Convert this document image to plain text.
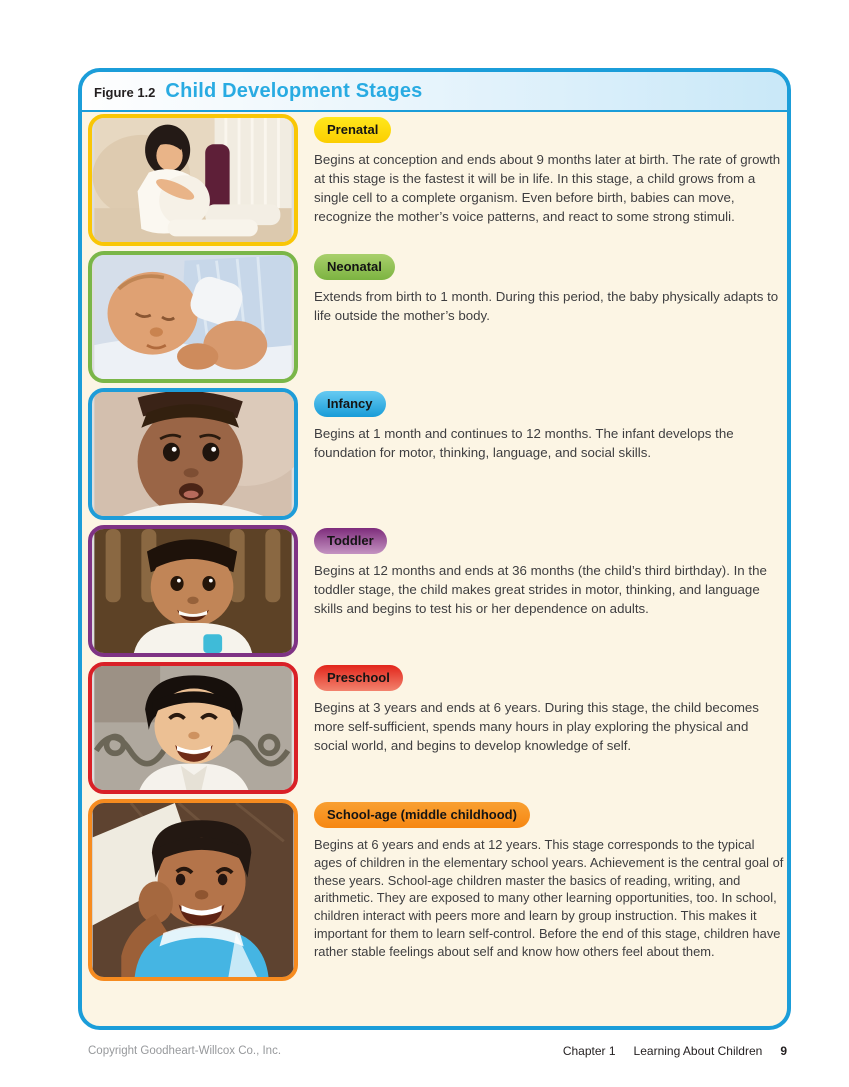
Figure 1.2 Child Development Stages
Prenatal

Begins at conception and ends about 9 months later at birth. The rate of growth at this stage is the fastest it will be in life. In this stage, a child grows from a single cell to a complete organism. Even before birth, babies can move, recognize the mother’s voice patterns, and react to some strong stimuli.

Neonatal

Extends from birth to 1 month. During this period, the baby physically adapts to life outside the mother’s body.

Infancy

Begins at 1 month and continues to 12 months. The infant develops the foundation for motor, thinking, language, and social skills.

Toddler

Begins at 12 months and ends at 36 months (the child’s third birthday). In the toddler stage, the child makes great strides in motor, thinking, and language skills and begins to test his or her dependence on adults.

Preschool

Begins at 3 years and ends at 6 years. During this stage, the child becomes more self-sufficient, spends many hours in play exploring the physical and social world, and begins to develop knowledge of self.

School-age (middle childhood)

Begins at 6 years and ends at 12 years. This stage corresponds to the typical ages of children in the elementary school years. Achievement is the central goal of these years. School-age children master the basics of reading, writing, and arithmetic. They are exposed to many other learning opportunities, too. In school, children interact with peers more and learn by group instruction. This makes it important for them to learn self-control. Before the end of this stage, children have rather stable feelings about self and know how others feel about them.

Copyright Goodheart-Willcox Co., Inc.	Chapter 1 Learning About Children 9
